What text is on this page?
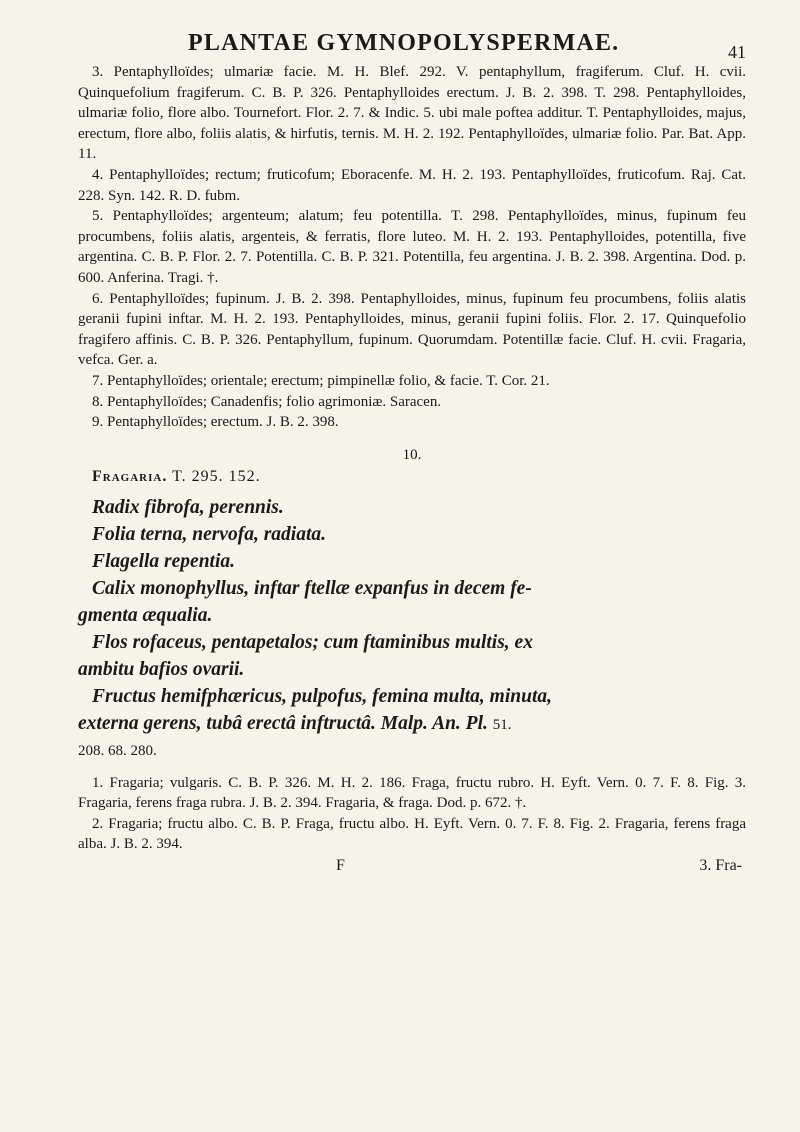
PLANTAE GYMNOPOLYSPERMAE.	41

3. Pentaphylloïdes; ulmariæ facie. M. H. Blef. 292. V. pentaphyllum, fragiferum. Cluf. H. cvii. Quinquefolium fragiferum. C. B. P. 326. Pentaphylloides erectum. J. B. 2. 398. T. 298. Pentaphylloides, ulmariæ folio, flore albo. Tournefort. Flor. 2. 7. & Indic. 5. ubi male poftea additur. T. Pentaphylloides, majus, erectum, flore albo, foliis alatis, & hirfutis, ternis. M. H. 2. 192. Pentaphylloïdes, ulmariæ folio. Par. Bat. App. 11.

4. Pentaphylloïdes; rectum; fruticofum; Eboracenfe. M. H. 2. 193. Pentaphylloïdes, fruticofum. Raj. Cat. 228. Syn. 142. R. D. fubm.

5. Pentaphylloïdes; argenteum; alatum; feu potentilla. T. 298. Pentaphylloïdes, minus, fupinum feu procumbens, foliis alatis, argenteis, & ferratis, flore luteo. M. H. 2. 193. Pentaphylloides, potentilla, five argentina. C. B. P. Flor. 2. 7. Potentilla. C. B. P. 321. Potentilla, feu argentina. J. B. 2. 398. Argentina. Dod. p. 600. Anferina. Tragi. †.

6. Pentaphylloïdes; fupinum. J. B. 2. 398. Pentaphylloides, minus, fupinum feu procumbens, foliis alatis geranii fupini inftar. M. H. 2. 193. Pentaphylloides, minus, geranii fupini foliis. Flor. 2. 17. Quinquefolio fragifero affinis. C. B. P. 326. Pentaphyllum, fupinum. Quorumdam. Potentillæ facie. Cluf. H. cvii. Fragaria, vefca. Ger. a.

7. Pentaphylloïdes; orientale; erectum; pimpinellæ folio, & facie. T. Cor. 21.

8. Pentaphylloïdes; Canadenfis; folio agrimoniæ. Saracen.

9. Pentaphylloïdes; erectum. J. B. 2. 398.

10.
Fragaria. T. 295. 152.

Radix fibrofa, perennis.

Folia terna, nervofa, radiata.

Flagella repentia.

Calix monophyllus, inftar ftellæ expanfus in decem fe-

gmenta æqualia.

Flos rofaceus, pentapetalos; cum ftaminibus multis, ex

ambitu bafios ovarii.

Fructus hemifphæricus, pulpofus, femina multa, minuta,

externa gerens, tubâ erectâ inftructâ. Malp. An. Pl. 51.

208. 68. 280.

1. Fragaria; vulgaris. C. B. P. 326. M. H. 2. 186. Fraga, fructu rubro. H. Eyft. Vern. 0. 7. F. 8. Fig. 3. Fragaria, ferens fraga rubra. J. B. 2. 394. Fragaria, & fraga. Dod. p. 672. †.

2. Fragaria; fructu albo. C. B. P. Fraga, fructu albo. H. Eyft. Vern. 0. 7. F. 8. Fig. 2. Fragaria, ferens fraga alba. J. B. 2. 394.

F	3. Fra-
